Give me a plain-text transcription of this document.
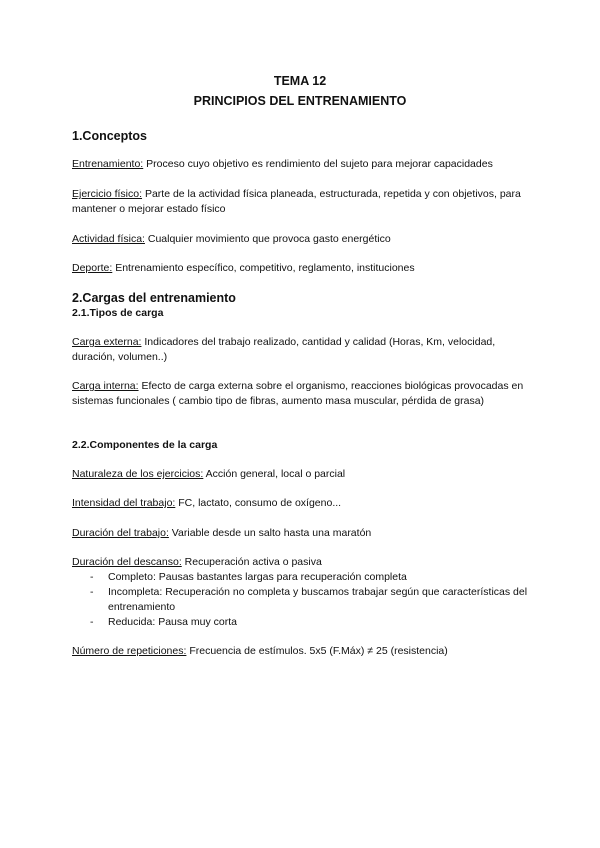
TEMA 12
PRINCIPIOS DEL ENTRENAMIENTO
1.Conceptos
Entrenamiento: Proceso cuyo objetivo es rendimiento del sujeto para mejorar capacidades
Ejercicio físico: Parte de la actividad física planeada, estructurada, repetida y con objetivos, para mantener o mejorar estado físico
Actividad física: Cualquier movimiento que provoca gasto energético
Deporte: Entrenamiento específico, competitivo, reglamento, instituciones
2.Cargas del entrenamiento
2.1.Tipos de carga
Carga externa: Indicadores del trabajo realizado, cantidad y calidad (Horas, Km, velocidad, duración, volumen..)
Carga interna: Efecto de carga externa sobre el organismo, reacciones biológicas provocadas en sistemas funcionales ( cambio tipo de fibras, aumento masa muscular, pérdida de grasa)
2.2.Componentes de la carga
Naturaleza de los ejercicios: Acción general, local o parcial
Intensidad del trabajo: FC, lactato, consumo de oxígeno...
Duración del trabajo: Variable desde un salto hasta una maratón
Duración del descanso: Recuperación activa o pasiva
- Completo: Pausas bastantes largas para recuperación completa
- Incompleta: Recuperación no completa y buscamos trabajar según que características del entrenamiento
- Reducida: Pausa muy corta
Número de repeticiones: Frecuencia de estímulos. 5x5 (F.Máx) ≠ 25 (resistencia)
